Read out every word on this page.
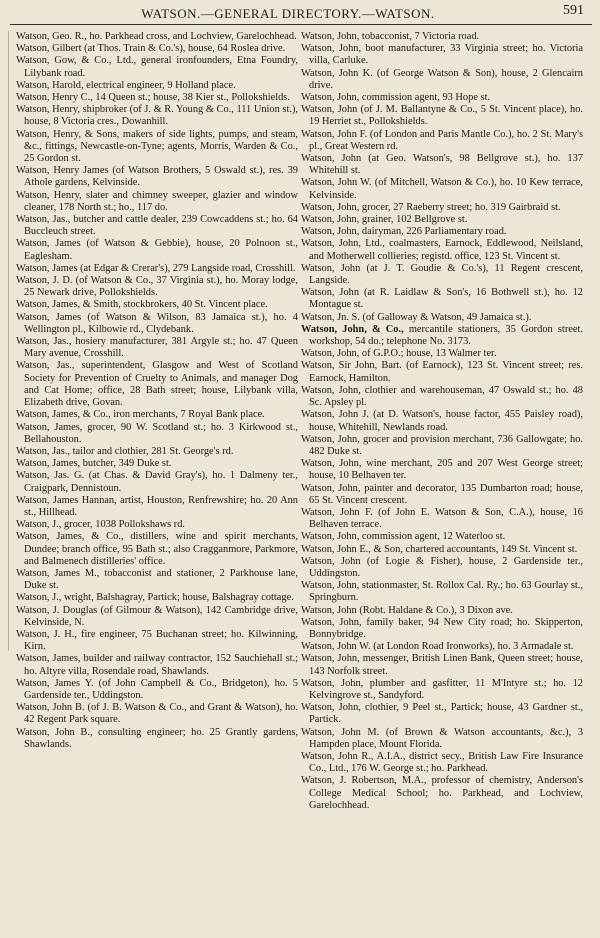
WATSON.—GENERAL DIRECTORY.—WATSON.	591

Watson, Geo. R., ho. Parkhead cross, and Lochview, Garelochhead.

Watson, Gilbert (at Thos. Train & Co.'s), house, 64 Roslea drive.

Watson, Gow, & Co., Ltd., general ironfounders, Etna Foundry, Lilybank road.

Watson, Harold, electrical engineer, 9 Holland place.

Watson, Henry C., 14 Queen st.; house, 38 Kier st., Pollokshields.

Watson, Henry, shipbroker (of J. & R. Young & Co., 111 Union st.), house, 8 Victoria cres., Dowanhill.

Watson, Henry, & Sons, makers of side lights, pumps, and steam, &c., fittings, Newcastle-on-Tyne; agents, Morris, Warden & Co., 25 Gordon st.

Watson, Henry James (of Watson Brothers, 5 Oswald st.), res. 39 Athole gardens, Kelvinside.

Watson, Henry, slater and chimney sweeper, glazier and window cleaner, 178 North st.; ho., 117 do.

Watson, Jas., butcher and cattle dealer, 239 Cowcaddens st.; ho. 64 Buccleuch street.

Watson, James (of Watson & Gebbie), house, 20 Polnoon st., Eaglesham.

Watson, James (at Edgar & Crerar's), 279 Langside road, Crosshill.

Watson, J. D. (of Watson & Co., 37 Virginia st.), ho. Moray lodge, 25 Newark drive, Pollokshields.

Watson, James, & Smith, stockbrokers, 40 St. Vincent place.

Watson, James (of Watson & Wilson, 83 Jamaica st.), ho. 4 Wellington pl., Kilbowie rd., Clydebank.

Watson, Jas., hosiery manufacturer, 381 Argyle st.; ho. 47 Queen Mary avenue, Crosshill.

Watson, Jas., superintendent, Glasgow and West of Scotland Society for Prevention of Cruelty to Animals, and manager Dog and Cat Home; office, 28 Bath street; house, Lilybank villa, Elizabeth drive, Govan.

Watson, James, & Co., iron merchants, 7 Royal Bank place.

Watson, James, grocer, 90 W. Scotland st.; ho. 3 Kirkwood st., Bellahouston.

Watson, Jas., tailor and clothier, 281 St. George's rd.

Watson, James, butcher, 349 Duke st.

Watson, Jas. G. (at Chas. & David Gray's), ho. 1 Dalmeny ter., Craigpark, Dennistoun.

Watson, James Hannan, artist, Houston, Renfrewshire; ho. 20 Ann st., Hillhead.

Watson, J., grocer, 1038 Pollokshaws rd.

Watson, James, & Co., distillers, wine and spirit merchants, Dundee; branch office, 95 Bath st.; also Cragganmore, Parkmore, and Balmenech distilleries' office.

Watson, James M., tobacconist and stationer, 2 Parkhouse lane, Duke st.

Watson, J., wright, Balshagray, Partick; house, Balshagray cottage.

Watson, J. Douglas (of Gilmour & Watson), 142 Cambridge drive, Kelvinside, N.

Watson, J. H., fire engineer, 75 Buchanan street; ho. Kilwinning, Kirn.

Watson, James, builder and railway contractor, 152 Sauchiehall st.; ho. Altyre villa, Rosendale road, Shawlands.

Watson, James Y. (of John Campbell & Co., Bridgeton), ho. 5 Gardenside ter., Uddingston.

Watson, John B. (of J. B. Watson & Co., and Grant & Watson), ho. 42 Regent Park square.

Watson, John B., consulting engineer; ho. 25 Grantly gardens, Shawlands.

Watson, John, tobacconist, 7 Victoria road.

Watson, John, boot manufacturer, 33 Virginia street; ho. Victoria villa, Carluke.

Watson, John K. (of George Watson & Son), house, 2 Glencairn drive.

Watson, John, commission agent, 93 Hope st.

Watson, John (of J. M. Ballantyne & Co., 5 St. Vincent place), ho. 19 Herriet st., Pollokshields.

Watson, John F. (of London and Paris Mantle Co.), ho. 2 St. Mary's pl., Great Western rd.

Watson, John (at Geo. Watson's, 98 Bellgrove st.), ho. 137 Whitehill st.

Watson, John W. (of Mitchell, Watson & Co.), ho. 10 Kew terrace, Kelvinside.

Watson, John, grocer, 27 Raeberry street; ho. 319 Gairbraid st.

Watson, John, grainer, 102 Bellgrove st.

Watson, John, dairyman, 226 Parliamentary road.

Watson, John, Ltd., coalmasters, Earnock, Eddlewood, Neilsland, and Motherwell collieries; registd. office, 123 St. Vincent st.

Watson, John (at J. T. Goudie & Co.'s), 11 Regent crescent, Langside.

Watson, John (at R. Laidlaw & Son's, 16 Bothwell st.), ho. 12 Montague st.

Watson, Jn. S. (of Galloway & Watson, 49 Jamaica st.).

Watson, John, & Co., mercantile stationers, 35 Gordon street. workshop, 54 do.; telephone No. 3173.

Watson, John, of G.P.O.; house, 13 Walmer ter.

Watson, Sir John, Bart. (of Earnock), 123 St. Vincent street; res. Earnock, Hamilton.

Watson, John, clothier and warehouseman, 47 Oswald st.; ho. 48 Sc. Apsley pl.

Watson, John J. (at D. Watson's, house factor, 455 Paisley road), house, Whitehill, Newlands road.

Watson, John, grocer and provision merchant, 736 Gallowgate; ho. 482 Duke st.

Watson, John, wine merchant, 205 and 207 West George street; house, 10 Belhaven ter.

Watson, John, painter and decorator, 135 Dumbarton road; house, 65 St. Vincent crescent.

Watson, John F. (of John E. Watson & Son, C.A.), house, 16 Belhaven terrace.

Watson, John, commission agent, 12 Waterloo st.

Watson, John E., & Son, chartered accountants, 149 St. Vincent st.

Watson, John (of Logie & Fisher), house, 2 Gardenside ter., Uddingston.

Watson, John, stationmaster, St. Rollox Cal. Ry.; ho. 63 Gourlay st., Springburn.

Watson, John (Robt. Haldane & Co.), 3 Dixon ave.

Watson, John, family baker, 94 New City road; ho. Skipperton, Bonnybridge.

Watson, John W. (at London Road Ironworks), ho. 3 Armadale st.

Watson, John, messenger, British Linen Bank, Queen street; house, 143 Norfolk street.

Watson, John, plumber and gasfitter, 11 M'Intyre st.; ho. 12 Kelvingrove st., Sandyford.

Watson, John, clothier, 9 Peel st., Partick; house, 43 Gardner st., Partick.

Watson, John M. (of Brown & Watson accountants, &c.), 3 Hampden place, Mount Florida.

Watson, John R., A.I.A., district secy., British Law Fire Insurance Co., Ltd., 176 W. George st.; ho. Parkhead.

Watson, J. Robertson, M.A., professor of chemistry, Anderson's College Medical School; ho. Parkhead, and Lochview, Garelochhead.
